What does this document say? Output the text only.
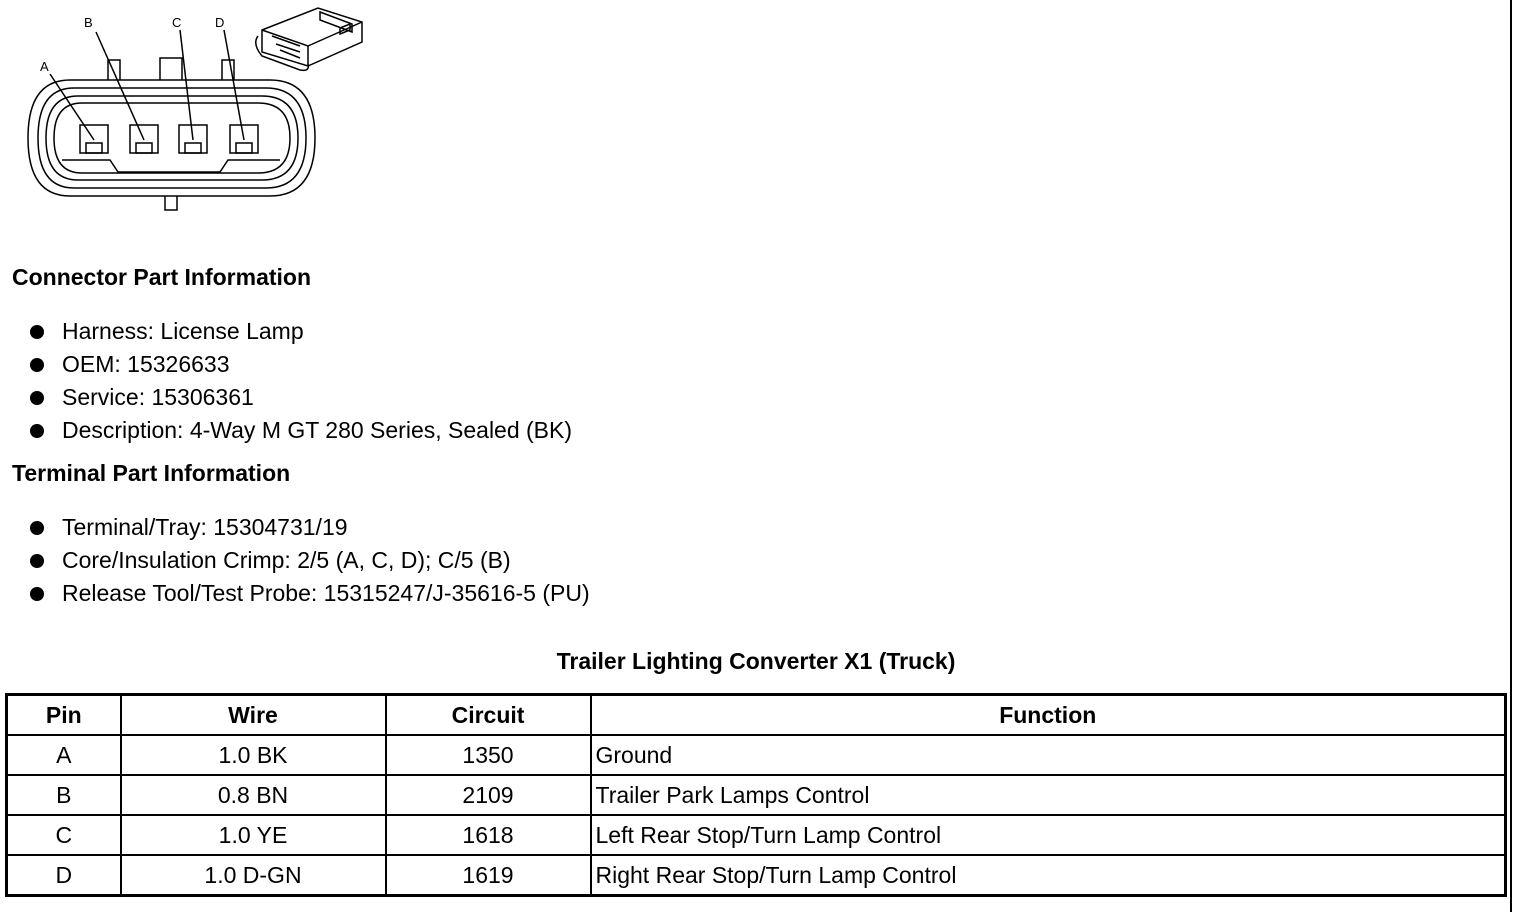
A
B	C	D
Connector Part Information
Harness: License Lamp
OEM: 15326633
Service: 15306361
Description: 4-Way M GT 280 Series, Sealed (BK)
Terminal Part Information
Terminal/Tray: 15304731/19
Core/Insulation Crimp: 2/5 (A, C, D); C/5 (B)
Release Tool/Test Probe: 15315247/J-35616-5 (PU)
Trailer Lighting Converter X1 (Truck)
Pin	Wire	Circuit	Function
A	1.0 BK	1350	Ground
B	0.8 BN	2109	Trailer Park Lamps Control
C	1.0 YE	1618	Left Rear Stop/Turn Lamp Control
D	1.0 D-GN	1619	Right Rear Stop/Turn Lamp Control
